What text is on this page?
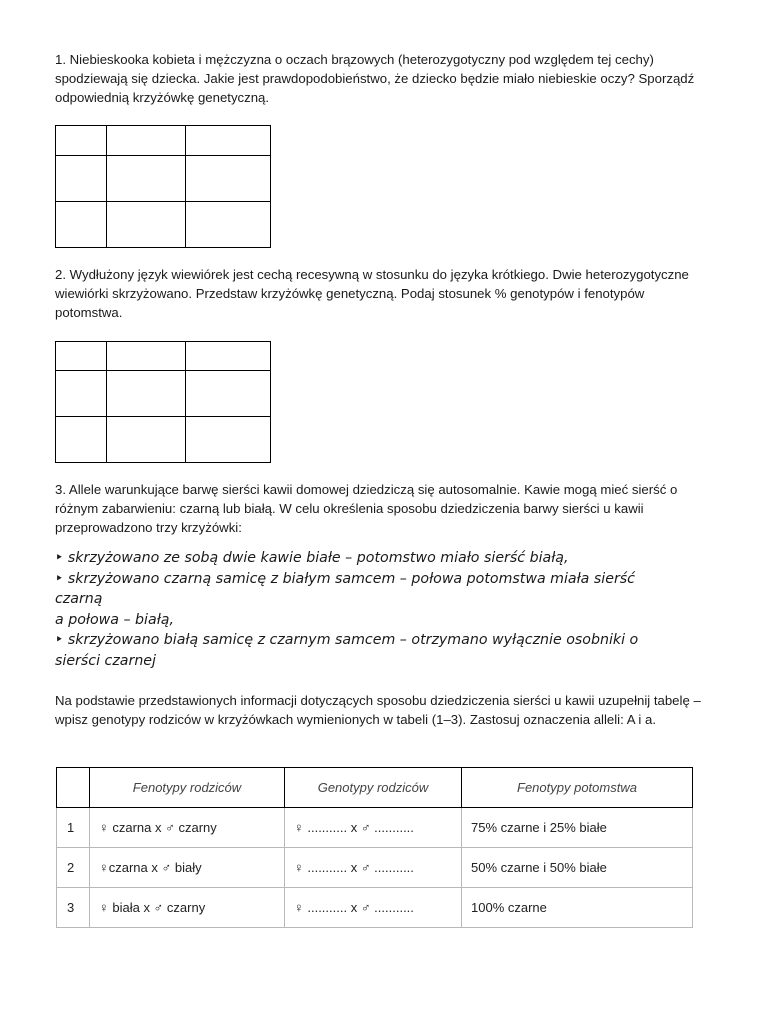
1. Niebieskooka kobieta i mężczyzna o oczach brązowych (heterozygotyczny pod względem tej cechy) spodziewają się dziecka. Jakie jest prawdopodobieństwo, że dziecko będzie miało niebieskie oczy? Sporządź odpowiednią krzyżówkę genetyczną.

2. Wydłużony język wiewiórek jest cechą recesywną w stosunku do języka krótkiego. Dwie heterozygotyczne wiewiórki skrzyżowano. Przedstaw krzyżówkę genetyczną. Podaj stosunek % genotypów i fenotypów potomstwa.

3. Allele warunkujące barwę sierści kawii domowej dziedziczą się autosomalnie. Kawie mogą mieć sierść o różnym zabarwieniu: czarną lub białą. W celu określenia sposobu dziedziczenia barwy sierści u kawii przeprowadzono trzy krzyżówki:

‣ skrzyżowano ze sobą dwie kawie białe – potomstwo miało sierść białą,
‣ skrzyżowano czarną samicę z białym samcem – połowa potomstwa miała sierść
czarną
a połowa – białą,
‣ skrzyżowano białą samicę z czarnym samcem – otrzymano wyłącznie osobniki o
sierści czarnej

Na podstawie przedstawionych informacji dotyczących sposobu dziedziczenia sierści u kawii uzupełnij tabelę – wpisz genotypy rodziców w krzyżówkach wymienionych w tabeli (1–3). Zastosuj oznaczenia alleli: A i a.

	Fenotypy rodziców	Genotypy rodziców	Fenotypy potomstwa
1	♀ czarna x ♂ czarny	♀ ........... x ♂ ...........	75% czarne i 25% białe
2	♀czarna x ♂ biały	♀ ........... x ♂ ...........	50% czarne i 50% białe
3	♀ biała x ♂ czarny	♀ ........... x ♂ ...........	100% czarne
